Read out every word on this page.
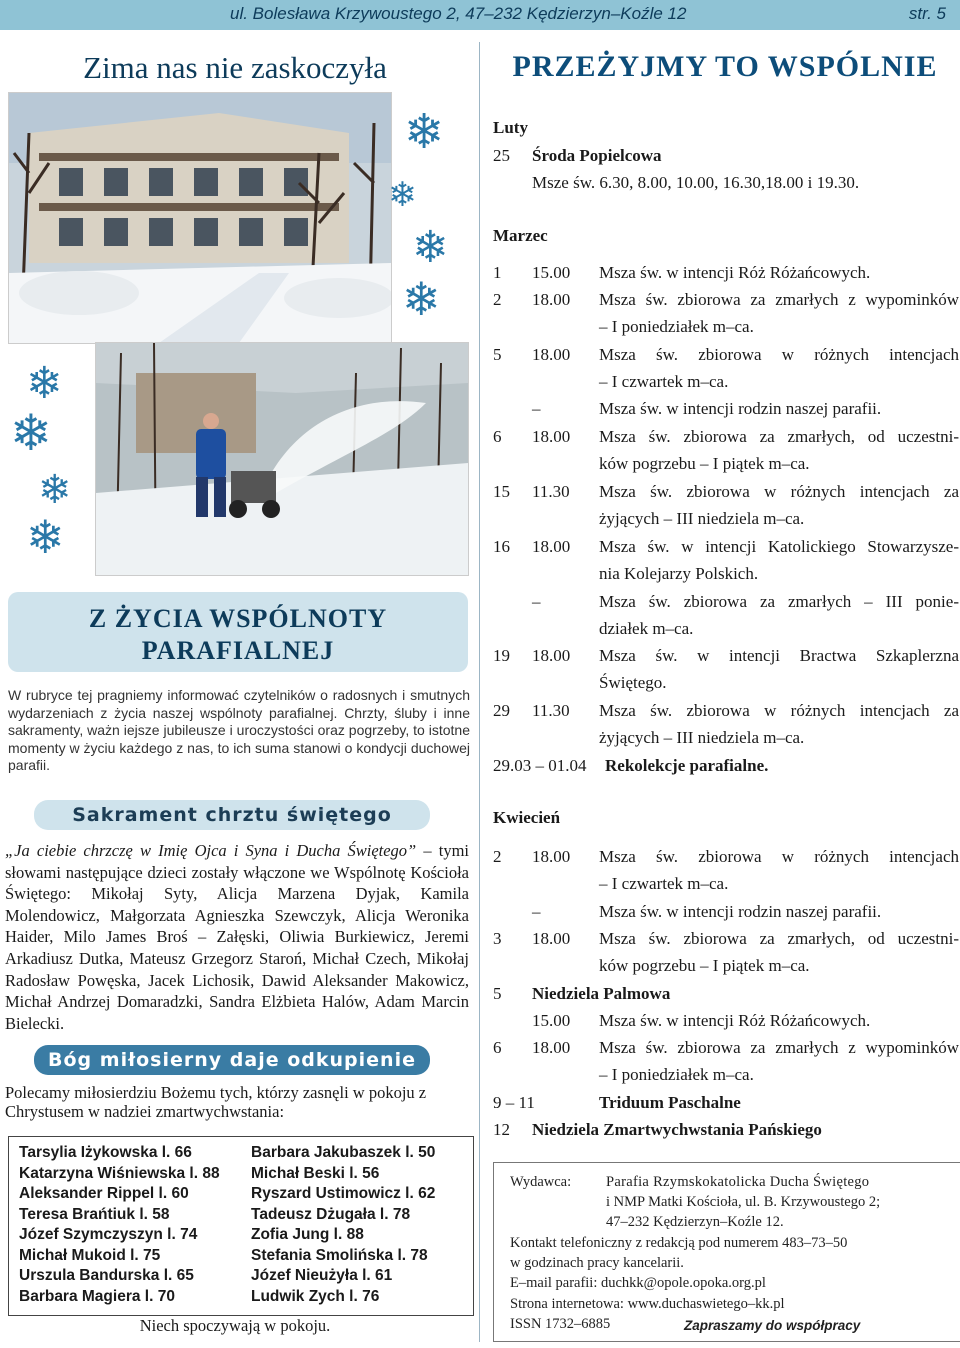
ul. Bolesława Krzywoustego 2, 47–232 Kędzierzyn–Koźle 12	str. 5
Zima nas nie zaskoczyła
❄
❄
❄
❄
❄
❄
❄
❄
Z ŻYCIA WSPÓLNOTY
PARAFIALNEJ
W rubryce tej pragniemy informować czytelników o radosnych i smutnych wydarzeniach z życia naszej wspólnoty parafialnej. Chrzty, śluby i inne sakramenty, ważn iejsze jubileusze i uroczystości oraz pogrzeby, to istotne momenty w życiu każdego z nas, to ich suma stanowi o kondycji duchowej parafii.
Sakrament chrztu świętego
„Ja ciebie chrzczę w Imię Ojca i Syna i Ducha Świętego” – tymi słowami następujące dzieci zostały włączone we Wspólnotę Kościoła Świętego: Mikołaj Syty, Alicja Marzena Dyjak, Kamila Molendowicz, Małgorzata Agnieszka Szewczyk, Alicja Weronika Haider, Milo James Broś – Załęski, Oliwia Burkiewicz, Jeremi Arkadiusz Dutka, Mateusz Grzegorz Staroń, Michał Czech, Mikołaj Radosław Powęska, Jacek Lichosik, Dawid Aleksander Makowicz, Michał Andrzej Domaradzki, Sandra Elżbieta Halów, Adam Marcin Bielecki.
Bóg miłosierny daje odkupienie
Polecamy miłosierdziu Bożemu tych, którzy zasnęli w pokoju z Chrystusem w nadziei zmartwychwstania:
Tarsylia Iżykowska l. 66
Katarzyna Wiśniewska l. 88
Aleksander Rippel l. 60
Teresa Brańtiuk l. 58
Józef Szymczyszyn l. 74
Michał Mukoid l. 75
Urszula Bandurska l. 65
Barbara Magiera l. 70
Barbara Jakubaszek l. 50
Michał Beski l. 56
Ryszard Ustimowicz l. 62
Tadeusz Dżugała l. 78
Zofia Jung l. 88
Stefania Smolińska l. 78
Józef Nieużyła l. 61
Ludwik Zych l. 76
Niech spoczywają w pokoju.
PRZEŻYJMY TO WSPÓLNIE
Luty
25 Środa Popielcowa
Msze św. 6.30, 8.00, 10.00, 16.30,18.00 i 19.30.
Marzec
1 15.00 Msza św. w intencji Róż Różańcowych.
2 18.00 Msza św. zbiorowa za zmarłych z wypominków
– I poniedziałek m–ca.
5 18.00 Msza św. zbiorowa w różnych intencjach
– I czwartek m–ca.
–	Msza św. w intencji rodzin naszej parafii.
6 18.00 Msza św. zbiorowa za zmarłych, od uczestni-
ków pogrzebu – I piątek m–ca.
15 11.30 Msza św. zbiorowa w różnych intencjach za
żyjących – III niedziela m–ca.
16 18.00 Msza św. w intencji Katolickiego Stowarzysze-
nia Kolejarzy Polskich.
–	Msza św. zbiorowa za zmarłych – III ponie-
działek m–ca.
19 18.00 Msza św. w intencji Bractwa Szkaplerzna
Świętego.
29 11.30 Msza św. zbiorowa w różnych intencjach za
żyjących – III niedziela m–ca.
29.03 – 01.04 Rekolekcje parafialne.
Kwiecień
2 18.00 Msza św. zbiorowa w różnych intencjach
– I czwartek m–ca.
–	Msza św. w intencji rodzin naszej parafii.
3 18.00 Msza św. zbiorowa za zmarłych, od uczestni-
ków pogrzebu – I piątek m–ca.
5 Niedziela Palmowa
15.00 Msza św. w intencji Róż Różańcowych.
6 18.00 Msza św. zbiorowa za zmarłych z wypominków
– I poniedziałek m–ca.
9 – 11	Triduum Paschalne
12 Niedziela Zmartwychwstania Pańskiego
Wydawca: Parafia Rzymskokatolicka Ducha Świętego
i NMP Matki Kościoła, ul. B. Krzywoustego 2;
47–232 Kędzierzyn–Koźle 12.
Kontakt telefoniczny z redakcją pod numerem 483–73–50
w godzinach pracy kancelarii.
E–mail parafii: duchkk@opole.opoka.org.pl
Strona internetowa: www.duchaswietego–kk.pl
ISSN 1732–6885	Zapraszamy do współpracy
